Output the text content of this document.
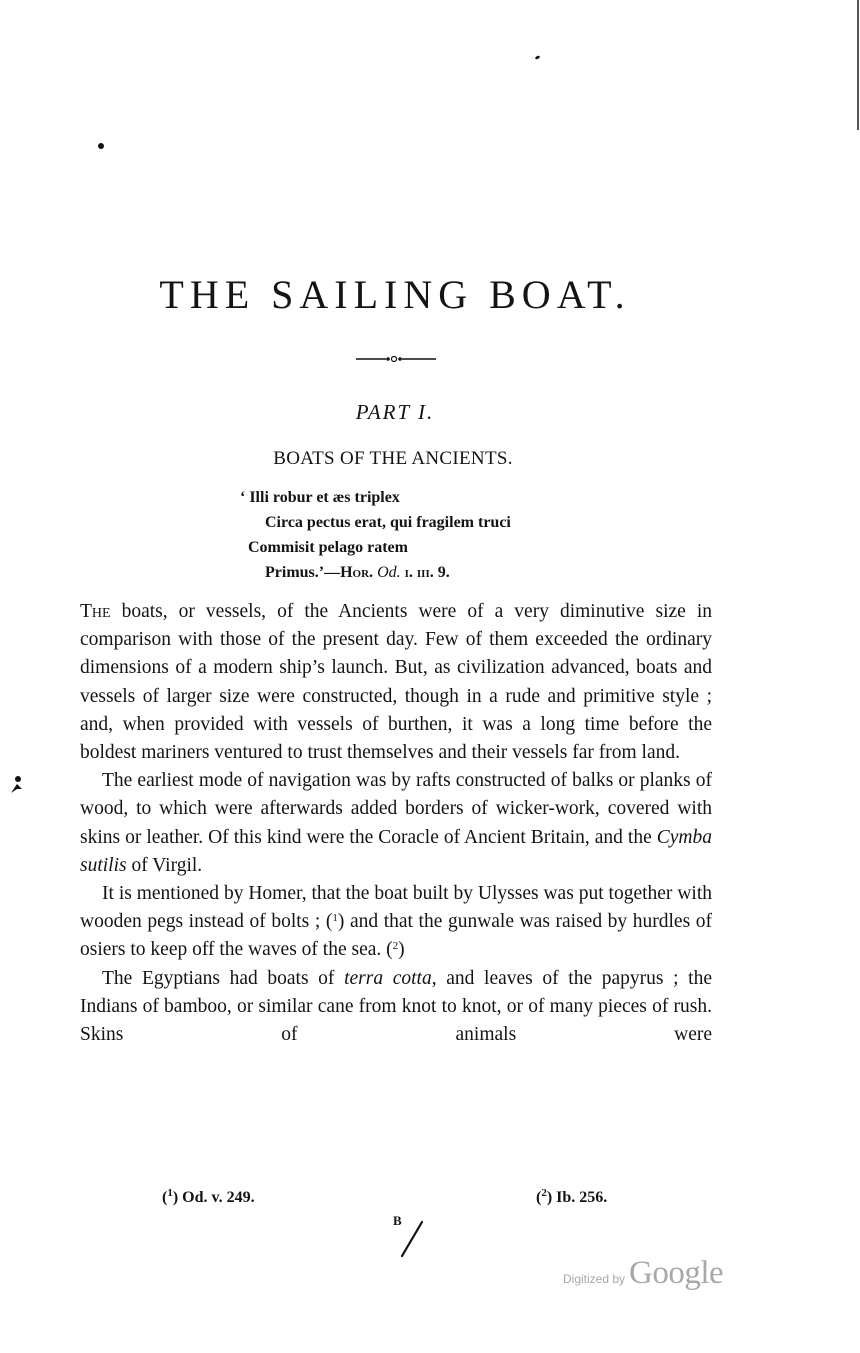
THE SAILING BOAT.
PART I.
BOATS OF THE ANCIENTS.
‘ Illi robur et æs triplex
Circa pectus erat, qui fragilem truci
Commisit pelago ratem
Primus.’—Hor. Od. i. iii. 9.

The boats, or vessels, of the Ancients were of a very diminutive size in comparison with those of the present day. Few of them exceeded the ordinary dimensions of a modern ship’s launch. But, as civilization advanced, boats and vessels of larger size were constructed, though in a rude and primitive style ; and, when provided with vessels of burthen, it was a long time before the boldest mariners ventured to trust themselves and their vessels far from land.

The earliest mode of navigation was by rafts constructed of balks or planks of wood, to which were afterwards added borders of wicker-work, covered with skins or leather. Of this kind were the Coracle of Ancient Britain, and the Cymba sutilis of Virgil.

It is mentioned by Homer, that the boat built by Ulysses was put together with wooden pegs instead of bolts ; ($^1$) and that the gunwale was raised by hurdles of osiers to keep off the waves of the sea. ($^2$)

The Egyptians had boats of terra cotta, and leaves of the papyrus ; the Indians of bamboo, or similar cane from knot to knot, or of many pieces of rush. Skins of animals were

($^1$) Od. v. 249.	($^2$) Ib. 256.
B
Digitized by Google
